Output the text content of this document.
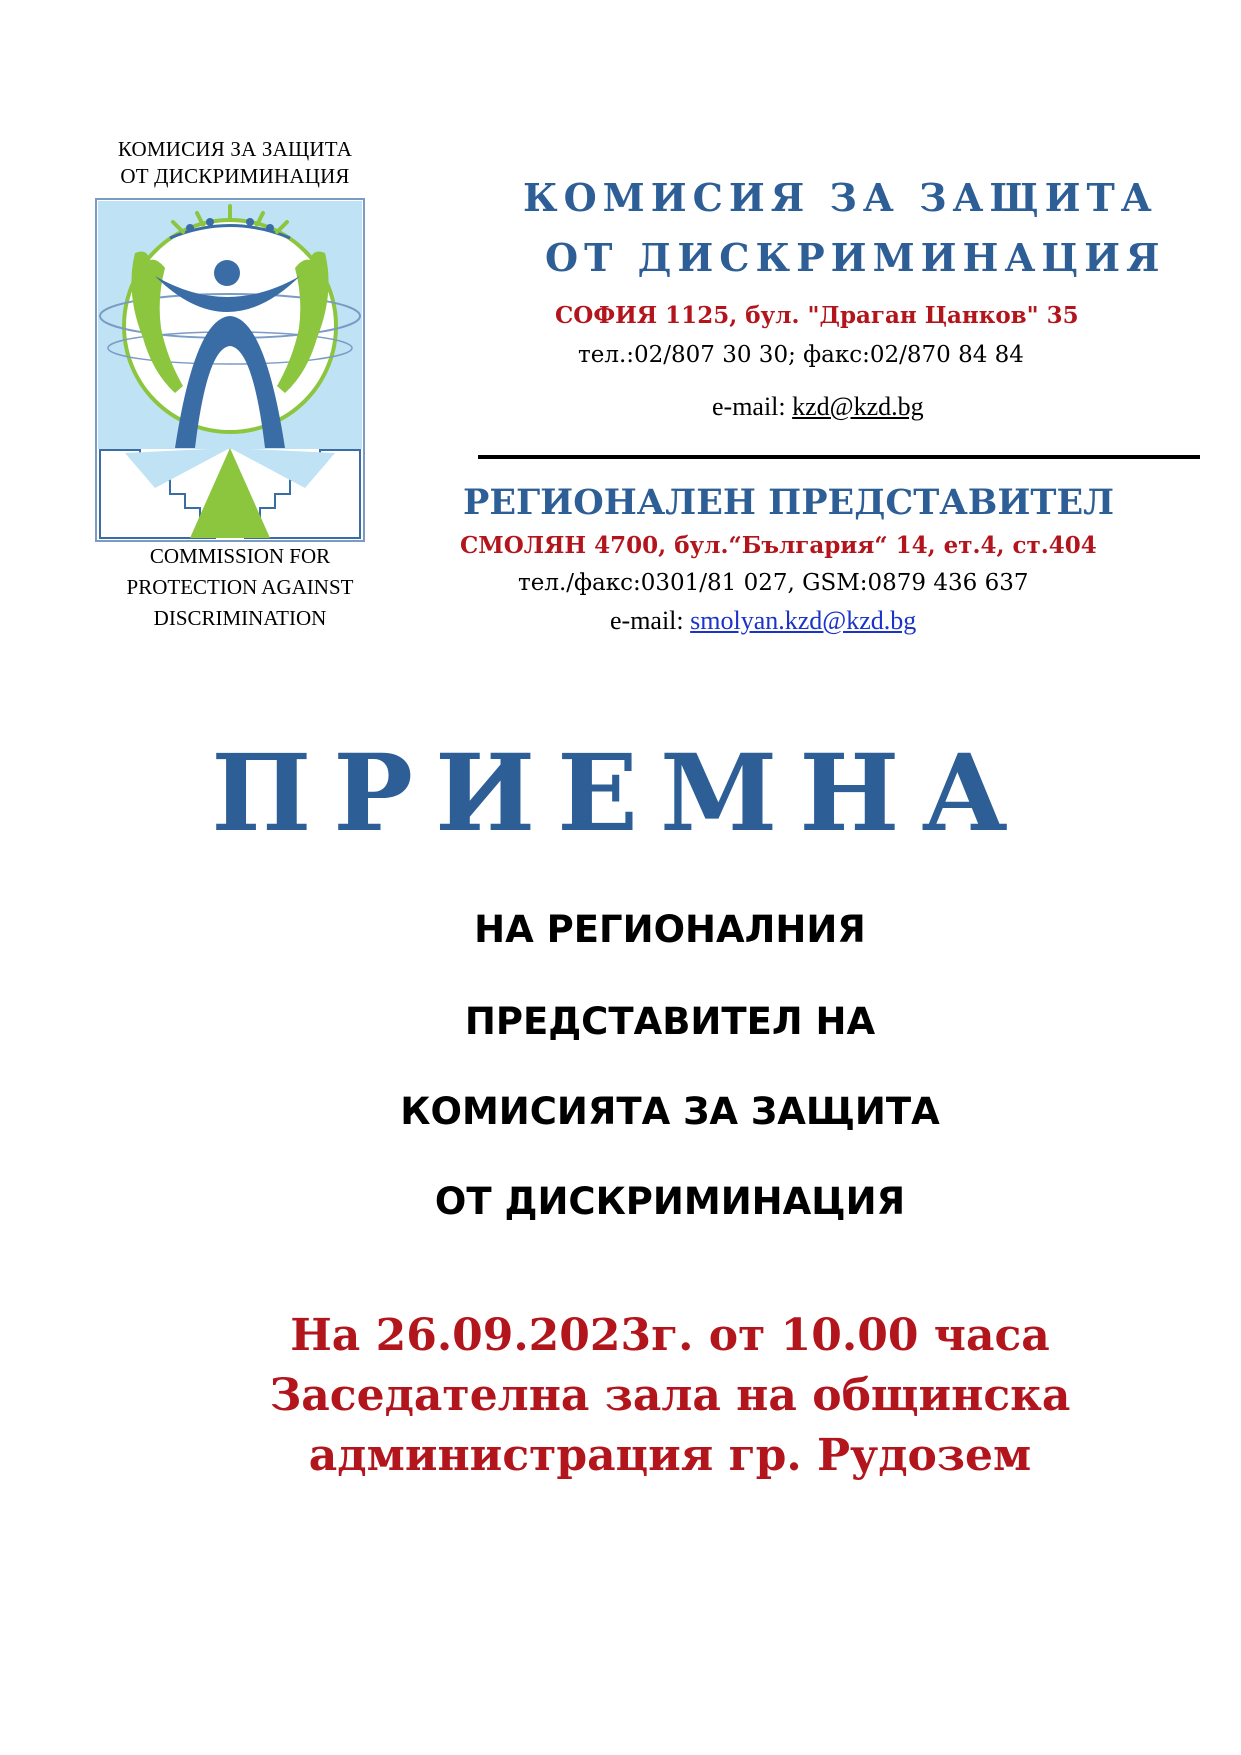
КОМИСИЯ ЗА ЗАЩИТА
ОТ ДИСКРИМИНАЦИЯ
COMMISSION FOR
PROTECTION AGAINST
DISCRIMINATION
КОМИСИЯ ЗА ЗАЩИТА
ОТ ДИСКРИМИНАЦИЯ
СОФИЯ 1125, бул. "Драган Цанков" 35
тел.:02/807 30 30; факс:02/870 84 84
e-mail: kzd@kzd.bg
РЕГИОНАЛЕН ПРЕДСТАВИТЕЛ
СМОЛЯН 4700, бул.“България“ 14, ет.4, ст.404
тел./факс:0301/81 027, GSM:0879 436 637
e-mail: smolyan.kzd@kzd.bg
ПРИЕМНА
НА РЕГИОНАЛНИЯ
ПРЕДСТАВИТЕЛ НА
КОМИСИЯТА ЗА ЗАЩИТА
ОТ ДИСКРИМИНАЦИЯ
На 26.09.2023г. от 10.00 часа
Заседателна зала на общинска
администрация гр. Рудозем
